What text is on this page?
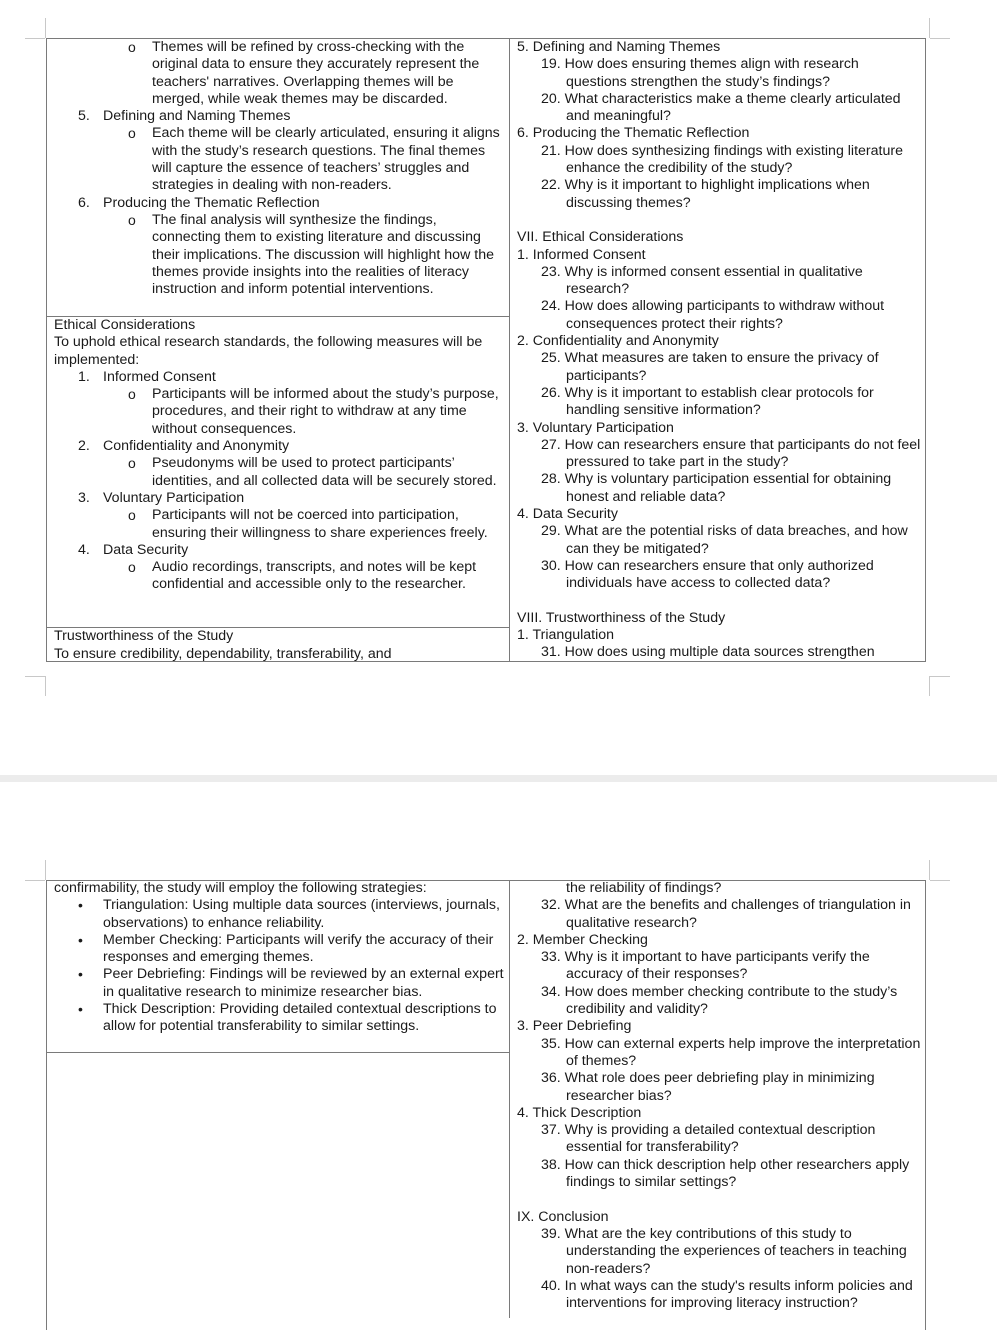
o Themes will be refined by cross-checking with the original data to ensure they accurately represent the teachers' narratives. Overlapping themes will be merged, while weak themes may be discarded.
5. Defining and Naming Themes
o Each theme will be clearly articulated, ensuring it aligns with the study’s research questions. The final themes will capture the essence of teachers’ struggles and strategies in dealing with non-readers.
6. Producing the Thematic Reflection
o The final analysis will synthesize the findings, connecting them to existing literature and discussing their implications. The discussion will highlight how the themes provide insights into the realities of literacy instruction and inform potential interventions.
Ethical Considerations
To uphold ethical research standards, the following measures will be implemented:
1. Informed Consent
o Participants will be informed about the study’s purpose, procedures, and their right to withdraw at any time without consequences.
2. Confidentiality and Anonymity
o Pseudonyms will be used to protect participants’ identities, and all collected data will be securely stored.
3. Voluntary Participation
o Participants will not be coerced into participation, ensuring their willingness to share experiences freely.
4. Data Security
o Audio recordings, transcripts, and notes will be kept confidential and accessible only to the researcher.
Trustworthiness of the Study
To ensure credibility, dependability, transferability, and
5. Defining and Naming Themes
19. How does ensuring themes align with research questions strengthen the study’s findings?
20. What characteristics make a theme clearly articulated and meaningful?
6. Producing the Thematic Reflection
21. How does synthesizing findings with existing literature enhance the credibility of the study?
22. Why is it important to highlight implications when discussing themes?
VII. Ethical Considerations
1. Informed Consent
23. Why is informed consent essential in qualitative research?
24. How does allowing participants to withdraw without consequences protect their rights?
2. Confidentiality and Anonymity
25. What measures are taken to ensure the privacy of participants?
26. Why is it important to establish clear protocols for handling sensitive information?
3. Voluntary Participation
27. How can researchers ensure that participants do not feel pressured to take part in the study?
28. Why is voluntary participation essential for obtaining honest and reliable data?
4. Data Security
29. What are the potential risks of data breaches, and how can they be mitigated?
30. How can researchers ensure that only authorized individuals have access to collected data?
VIII. Trustworthiness of the Study
1. Triangulation
31. How does using multiple data sources strengthen
confirmability, the study will employ the following strategies:
• Triangulation: Using multiple data sources (interviews, journals, observations) to enhance reliability.
• Member Checking: Participants will verify the accuracy of their responses and emerging themes.
• Peer Debriefing: Findings will be reviewed by an external expert in qualitative research to minimize researcher bias.
• Thick Description: Providing detailed contextual descriptions to allow for potential transferability to similar settings.
the reliability of findings?
32. What are the benefits and challenges of triangulation in qualitative research?
2. Member Checking
33. Why is it important to have participants verify the accuracy of their responses?
34. How does member checking contribute to the study’s credibility and validity?
3. Peer Debriefing
35. How can external experts help improve the interpretation of themes?
36. What role does peer debriefing play in minimizing researcher bias?
4. Thick Description
37. Why is providing a detailed contextual description essential for transferability?
38. How can thick description help other researchers apply findings to similar settings?
IX. Conclusion
39. What are the key contributions of this study to understanding the experiences of teachers in teaching non-readers?
40. In what ways can the study's results inform policies and interventions for improving literacy instruction?
